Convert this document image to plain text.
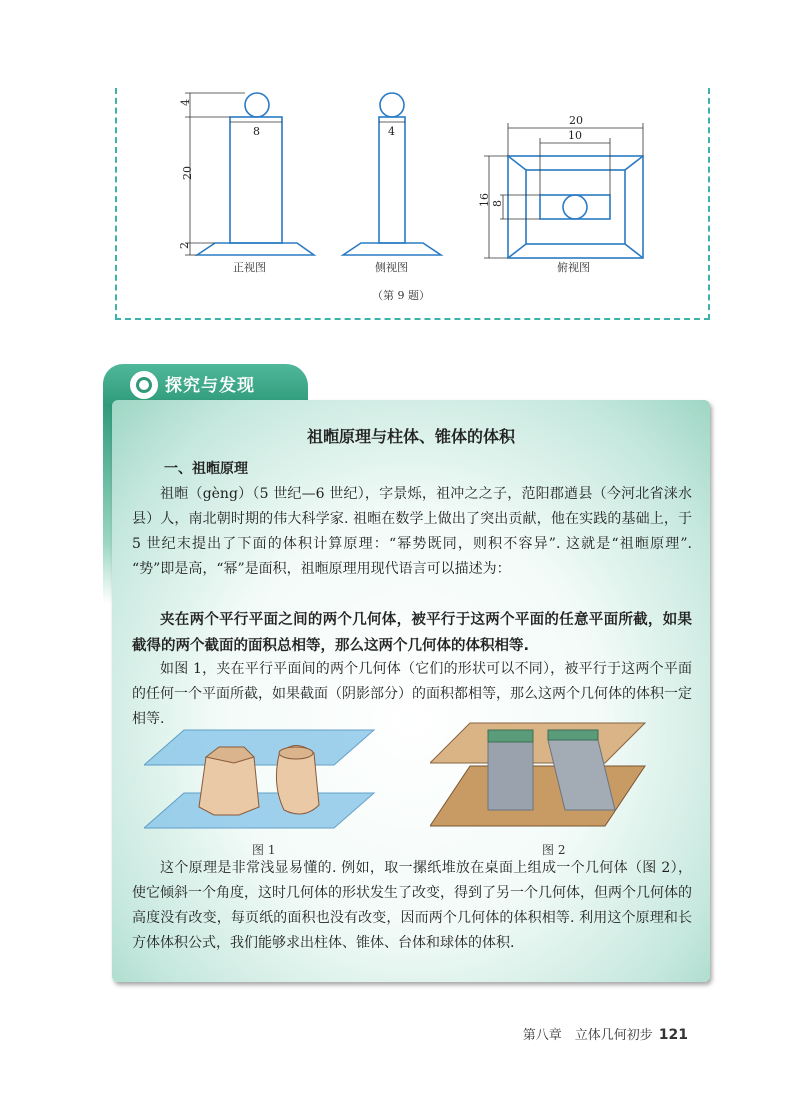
4
8
20
2
4
20
10
16 8
正视图	侧视图	俯视图
（第 9 题）
探究与发现
祖暅原理与柱体、锥体的体积
一、祖暅原理
祖暅（gèng）（5 世纪—6 世纪），字景烁，祖冲之之子，范阳郡遒县（今河北省涞水县）人，南北朝时期的伟大科学家. 祖暅在数学上做出了突出贡献，他在实践的基础上，于 5 世纪末提出了下面的体积计算原理：“幂势既同，则积不容异”. 这就是“祖暅原理”. “势”即是高，“幂”是面积，祖暅原理用现代语言可以描述为：
夹在两个平行平面之间的两个几何体，被平行于这两个平面的任意平面所截，如果截得的两个截面的面积总相等，那么这两个几何体的体积相等.
如图 1，夹在平行平面间的两个几何体（它们的形状可以不同），被平行于这两个平面的任何一个平面所截，如果截面（阴影部分）的面积都相等，那么这两个几何体的体积一定相等.
图 1	图 2
这个原理是非常浅显易懂的. 例如，取一摞纸堆放在桌面上组成一个几何体（图 2），使它倾斜一个角度，这时几何体的形状发生了改变，得到了另一个几何体，但两个几何体的高度没有改变，每页纸的面积也没有改变，因而两个几何体的体积相等. 利用这个原理和长方体体积公式，我们能够求出柱体、锥体、台体和球体的体积.
第八章　立体几何初步 121
